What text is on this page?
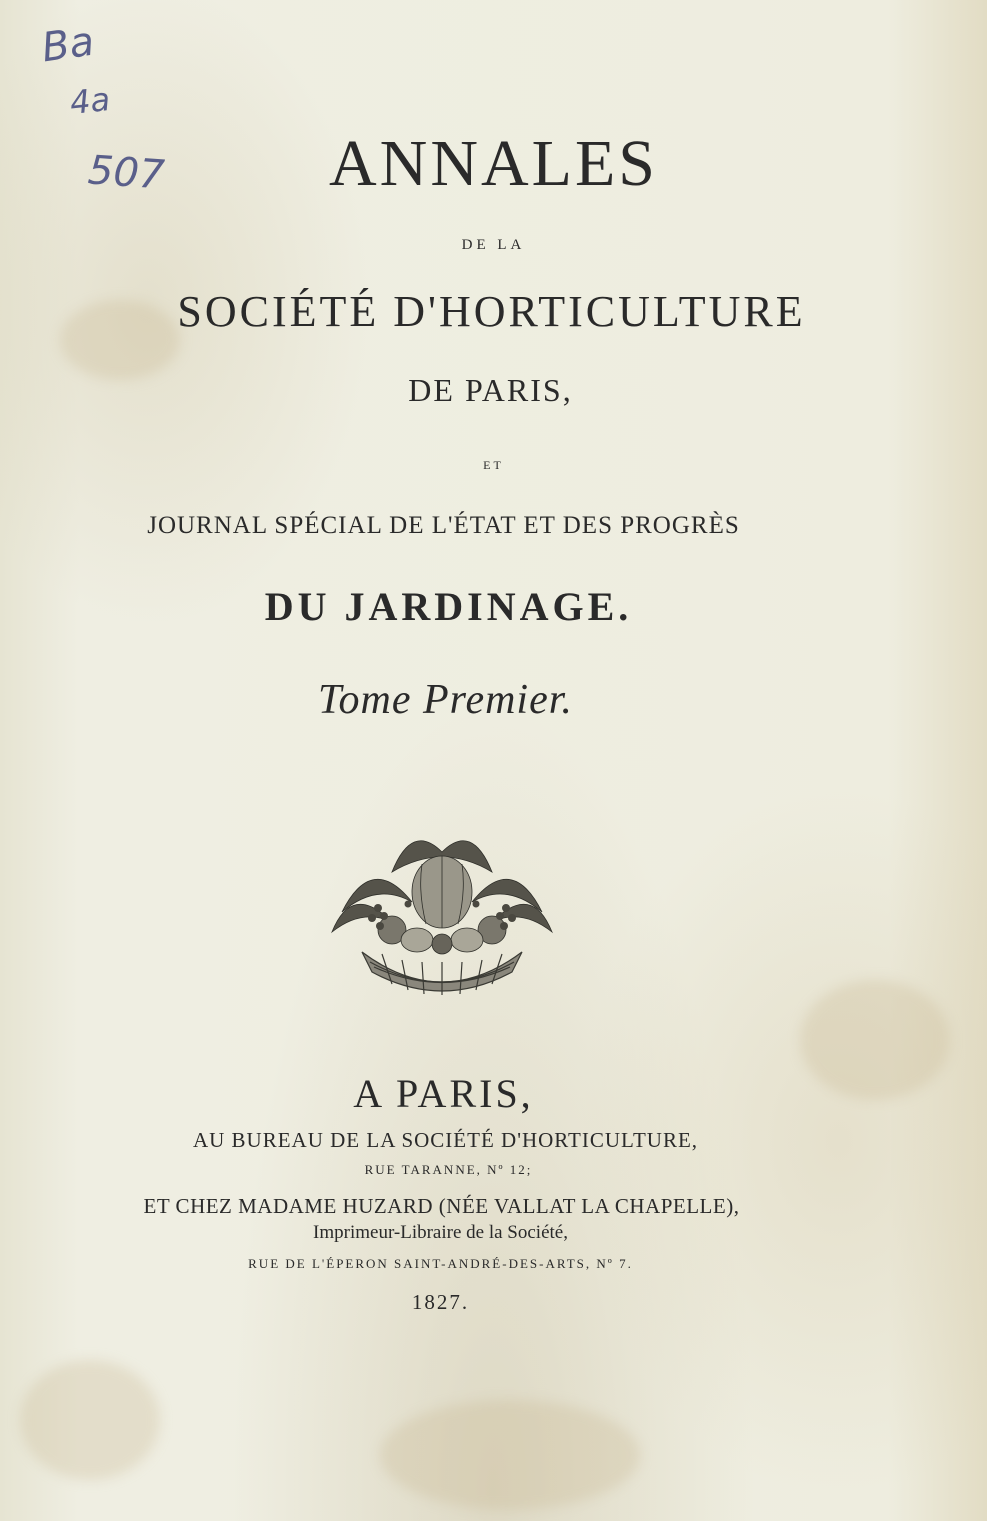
Ba
4a
507	ANNALES
DE LA
SOCIÉTÉ D'HORTICULTURE
DE PARIS,
ET
JOURNAL SPÉCIAL DE L'ÉTAT ET DES PROGRÈS
DU JARDINAGE.
Tome Premier.
A PARIS,
AU BUREAU DE LA SOCIÉTÉ D'HORTICULTURE,
RUE TARANNE, Nº 12;
ET CHEZ MADAME HUZARD (NÉE VALLAT LA CHAPELLE),
Imprimeur-Libraire de la Société,
RUE DE L'ÉPERON SAINT-ANDRÉ-DES-ARTS, Nº 7.
1827.
